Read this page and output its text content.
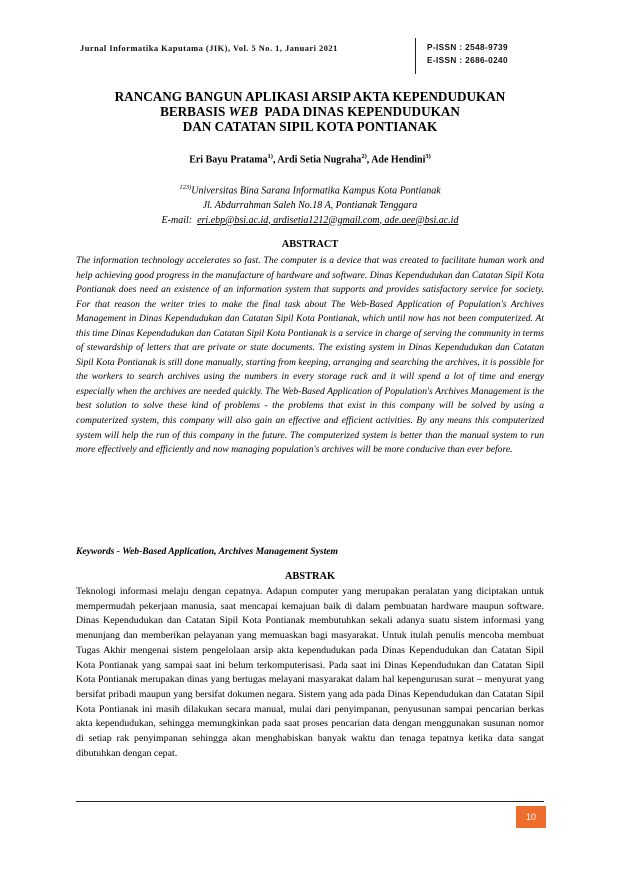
Jurnal Informatika Kaputama (JIK), Vol. 5 No. 1, Januari 2021	P-ISSN : 2548-9739
E-ISSN : 2686-0240
RANCANG BANGUN APLIKASI ARSIP AKTA KEPENDUDUKAN
BERBASIS WEB  PADA DINAS KEPENDUDUKAN
DAN CATATAN SIPIL KOTA PONTIANAK
Eri Bayu Pratama$^{1)}$, Ardi Setia Nugraha$^{2)}$, Ade Hendini$^{3)}$
$^{123)}$Universitas Bina Sarana Informatika Kampus Kota Pontianak
Jl. Abdurrahman Saleh No.18 A, Pontianak Tenggara
E-mail:  eri.ebp@bsi.ac.id, ardisetia1212@gmail.com, ade.aee@bsi.ac.id
ABSTRACT
The information technology accelerates so fast. The computer is a device that was created to facilitate human work and help achieving good progress in the manufacture of hardware and software. Dinas Kependudukan dan Catatan Sipil Kota Pontianak does need an existence of an information system that supports and provides satisfactory service for society. For that reason the writer tries to make the final task about The Web-Based Application of Population's Archives Management in Dinas Kependudukan dan Catatan Sipil Kota Pontianak, which until now has not been computerized. At this time Dinas Kependudukan dan Catatan Sipil Kota Pontianak is a service in charge of serving the community in terms of stewardship of letters that are private or state documents. The existing system in Dinas Kependudukan dan Catatan Sipil Kota Pontianak is still done manually, starting from keeping, arranging and searching the archives, it is possible for the workers to search archives using the numbers in every storage rack and it will spend a lot of time and energy especially when the archives are needed quickly. The Web-Based Application of Population's Archives Management is the best solution to solve these kind of problems - the problems that exist in this company will be solved by using a computerized system, this company will also gain an effective and efficient activities. By any means this computerized system will help the run of this company in the future. The computerized system is better than the manual system to run more effectively and efficiently and now managing population's archives will be more conducive than ever before.
Keywords - Web-Based Application, Archives Management System
ABSTRAK
Teknologi informasi melaju dengan cepatnya. Adapun computer yang merupakan peralatan yang diciptakan untuk mempermudah pekerjaan manusia, saat mencapai kemajuan baik di dalam pembuatan hardware maupun software. Dinas Kependudukan dan Catatan Sipil Kota Pontianak membutuhkan sekali adanya suatu sistem informasi yang menunjang dan memberikan pelayanan yang memuaskan bagi masyarakat. Untuk itulah penulis mencoba membuat Tugas Akhir mengenai sistem pengelolaan arsip akta kependudukan pada Dinas Kependudukan dan Catatan Sipil Kota Pontianak yang sampai saat ini belum terkomputerisasi. Pada saat ini Dinas Kependudukan dan Catatan Sipil Kota Pontianak merupakan dinas yang bertugas melayani masyarakat dalam hal kepengurusan surat – menyurat yang bersifat pribadi maupun yang bersifat dokumen negara. Sistem yang ada pada Dinas Kependudukan dan Catatan Sipil Kota Pontianak ini masih dilakukan secara manual, mulai dari penyimpanan, penyusunan sampai pencarian berkas akta kependudukan, sehingga memungkinkan pada saat proses pencarian data dengan menggunakan susunan nomor di setiap rak penyimpanan sehingga akan menghabiskan banyak waktu dan tenaga tepatnya ketika data sangat dibutuhkan dengan cepat.
10
